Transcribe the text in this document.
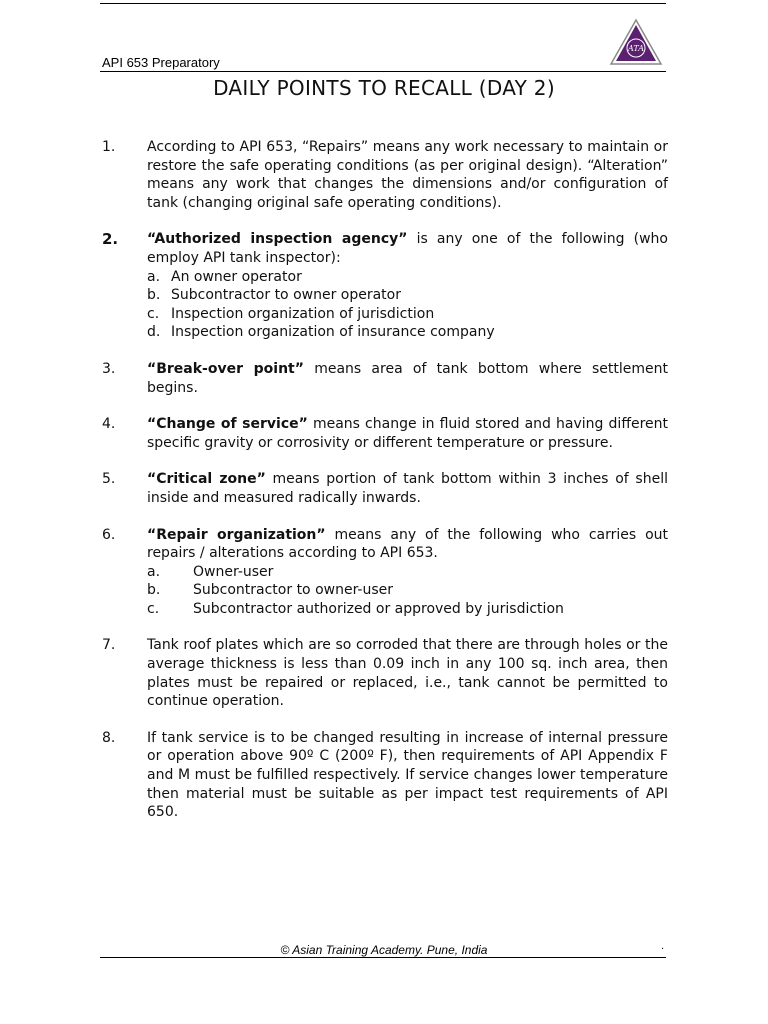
API 653 Preparatory
ATA
DAILY POINTS TO RECALL (DAY 2)
1. According to API 653, “Repairs” means any work necessary to maintain or restore the safe operating conditions (as per original design). “Alteration” means any work that changes the dimensions and/or configuration of tank (changing original safe operating conditions).
2. “Authorized inspection agency” is any one of the following (who employ API tank inspector):
a. An owner operator
b. Subcontractor to owner operator
c. Inspection organization of jurisdiction
d. Inspection organization of insurance company
3. “Break-over point” means area of tank bottom where settlement begins.
4. “Change of service” means change in fluid stored and having different specific gravity or corrosivity or different temperature or pressure.
5. “Critical zone” means portion of tank bottom within 3 inches of shell inside and measured radically inwards.
6. “Repair organization” means any of the following who carries out repairs / alterations according to API 653.
a. Owner-user
b. Subcontractor to owner-user
c. Subcontractor authorized or approved by jurisdiction
7. Tank roof plates which are so corroded that there are through holes or the average thickness is less than 0.09 inch in any 100 sq. inch area, then plates must be repaired or replaced, i.e., tank cannot be permitted to continue operation.
8. If tank service is to be changed resulting in increase of internal pressure or operation above 90º C (200º F), then requirements of API Appendix F and M must be fulfilled respectively. If service changes lower temperature then material must be suitable as per impact test requirements of API 650.
© Asian Training Academy. Pune, India	.
